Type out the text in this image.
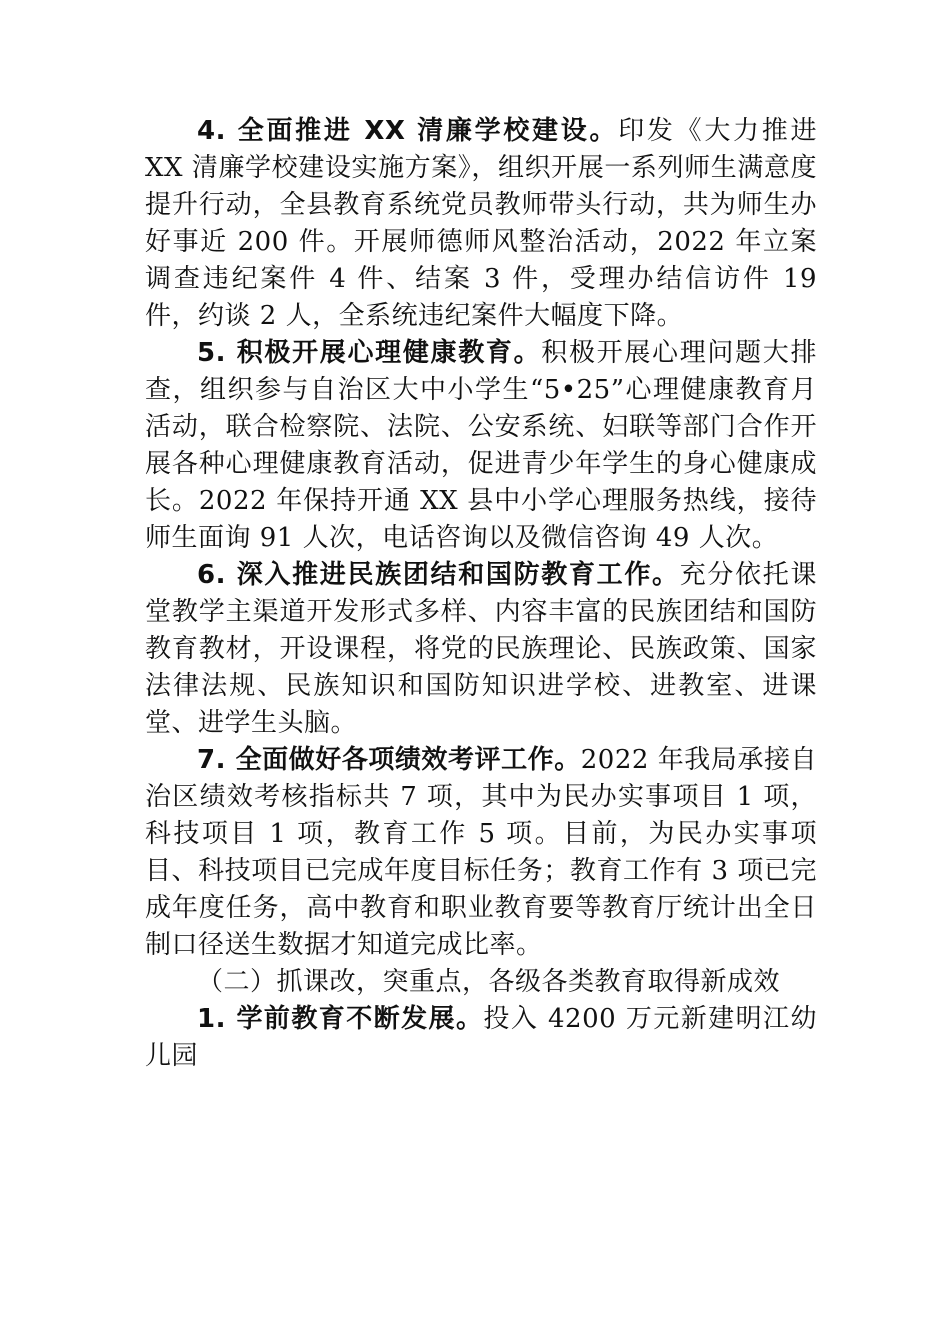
4. 全面推进 XX 清廉学校建设。印发《大力推进 XX 清廉学校建设实施方案》，组织开展一系列师生满意度提升行动，全县教育系统党员教师带头行动，共为师生办好事近 200 件。开展师德师风整治活动，2022 年立案调查违纪案件 4 件、结案 3 件，受理办结信访件 19 件，约谈 2 人，全系统违纪案件大幅度下降。

5. 积极开展心理健康教育。积极开展心理问题大排查，组织参与自治区大中小学生“5•25”心理健康教育月活动，联合检察院、法院、公安系统、妇联等部门合作开展各种心理健康教育活动，促进青少年学生的身心健康成长。2022 年保持开通 XX 县中小学心理服务热线，接待师生面询 91 人次，电话咨询以及微信咨询 49 人次。

6. 深入推进民族团结和国防教育工作。充分依托课堂教学主渠道开发形式多样、内容丰富的民族团结和国防教育教材，开设课程，将党的民族理论、民族政策、国家法律法规、民族知识和国防知识进学校、进教室、进课堂、进学生头脑。

7. 全面做好各项绩效考评工作。2022 年我局承接自治区绩效考核指标共 7 项，其中为民办实事项目 1 项，科技项目 1 项，教育工作 5 项。目前，为民办实事项目、科技项目已完成年度目标任务；教育工作有 3 项已完成年度任务，高中教育和职业教育要等教育厅统计出全日制口径送生数据才知道完成比率。

（二）抓课改，突重点，各级各类教育取得新成效

1. 学前教育不断发展。投入 4200 万元新建明江幼儿园
